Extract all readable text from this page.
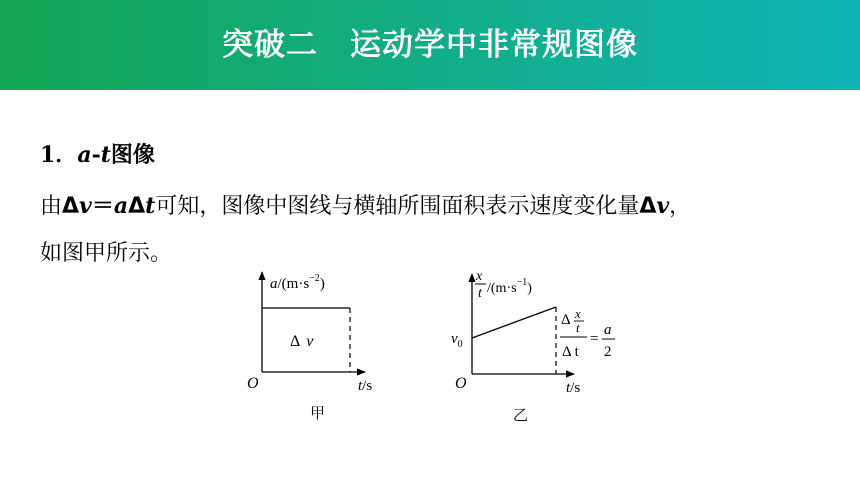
突破二　运动学中非常规图像
1．a-t图像
由Δv＝aΔt可知，图像中图线与横轴所围面积表示速度变化量Δv，
如图甲所示。
$a/(m\cdot s^{-2})$
Δ v
O	t/s
甲
x
t $/(m\cdot s^{-1})$
$v_0$
Δ x
t
Δ t
=
a
2
O	t/s
乙
